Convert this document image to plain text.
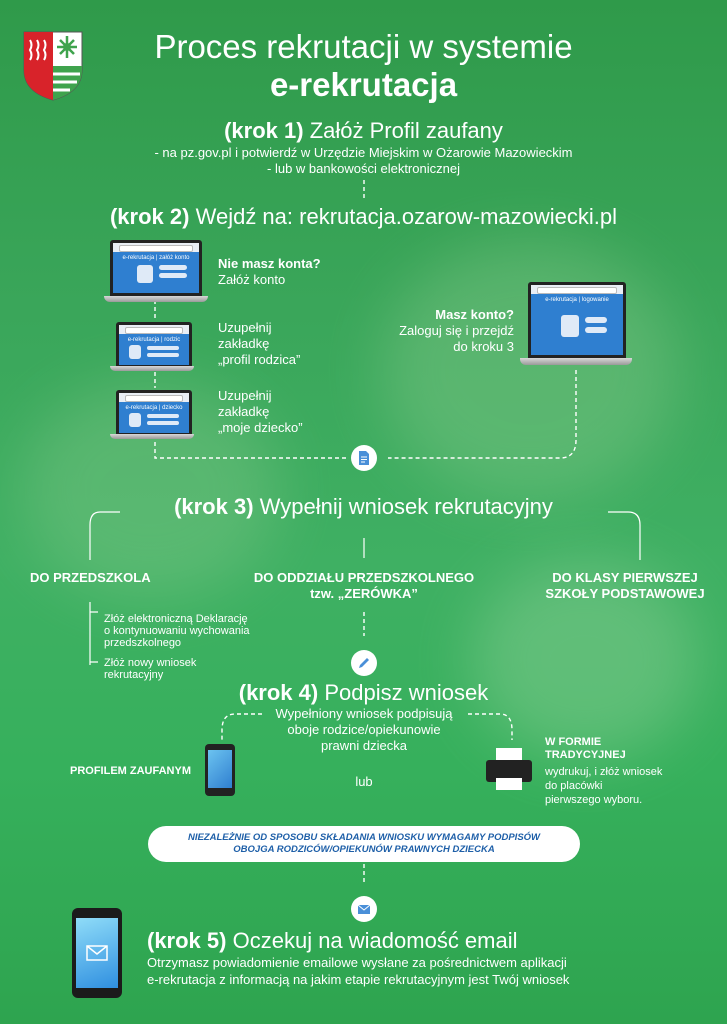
Proces rekrutacji w systemie
e-rekrutacja
(krok 1) Załóż Profil zaufany
- na pz.gov.pl i potwierdź w Urzędzie Miejskim w Ożarowie Mazowieckim
- lub w bankowości elektronicznej
(krok 2) Wejdź na: rekrutacja.ozarow-mazowiecki.pl
e-rekrutacja | załóż konto	Nie masz konta?
Załóż konto
e-rekrutacja | rodzic
Uzupełnij
zakładkę
„profil rodzica”
e-rekrutacja | dziecko
Uzupełnij
zakładkę
„moje dziecko”
e-rekrutacja | logowanie
Masz konto?
Zaloguj się i przejdź
do kroku 3
(krok 3) Wypełnij wniosek rekrutacyjny
DO PRZEDSZKOLA	DO ODDZIAŁU PRZEDSZKOLNEGO
tzw. „ZERÓWKA”
DO KLASY PIERWSZEJ
SZKOŁY PODSTAWOWEJ
Złóż elektroniczną Deklarację
o kontynuowaniu wychowania
przedszkolnego
Złóż nowy wniosek
rekrutacyjny
(krok 4) Podpisz wniosek
Wypełniony wniosek podpisują
oboje rodzice/opiekunowie
prawni dziecka
lub
PROFILEM ZAUFANYM
W FORMIE
TRADYCYJNEJ
wydrukuj, i złóż wniosek
do placówki
pierwszego wyboru.
NIEZALEŻNIE OD SPOSOBU SKŁADANIA WNIOSKU WYMAGAMY PODPISÓW
OBOJGA RODZICÓW/OPIEKUNÓW PRAWNYCH DZIECKA
(krok 5) Oczekuj na wiadomość email
Otrzymasz powiadomienie emailowe wysłane za pośrednictwem aplikacji
e-rekrutacja z informacją na jakim etapie rekrutacyjnym jest Twój wniosek
